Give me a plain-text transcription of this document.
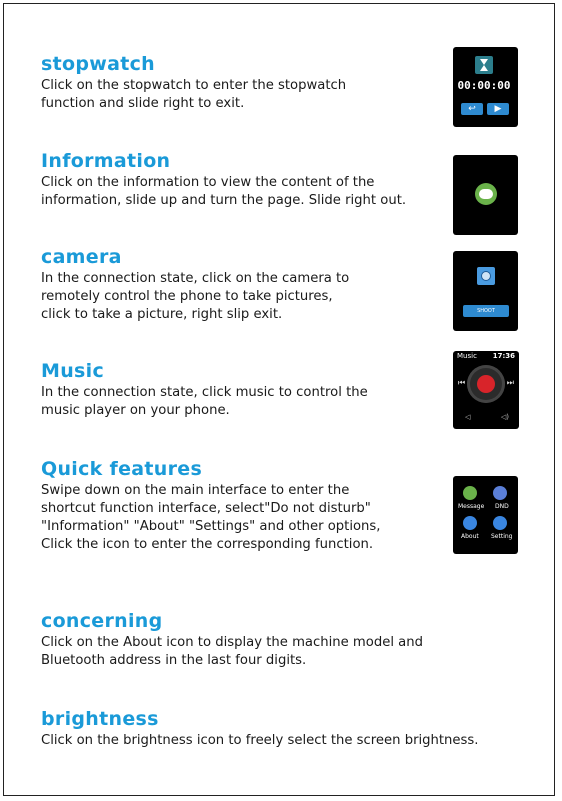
stopwatch
Click on the stopwatch to enter the stopwatch
function and slide right to exit.
00:00:00
↩	▶
Information
Click on the information to view the content of the
information, slide up and turn the page. Slide right out.
camera
In the connection state, click on the camera to
remotely control the phone to take pictures,
click to take a picture, right slip exit.	SHOOT
Music
In the connection state, click music to control the
music player on your phone.
Music 17:36
⏮	⏭
◁	◁)
Quick features
Swipe down on the main interface to enter the
shortcut function interface, select"Do not disturb"
"Information" "About" "Settings" and other options,
Click the icon to enter the corresponding function.
Message DND
About Setting
concerning
Click on the About icon to display the machine model and
Bluetooth address in the last four digits.
brightness
Click on the brightness icon to freely select the screen brightness.
